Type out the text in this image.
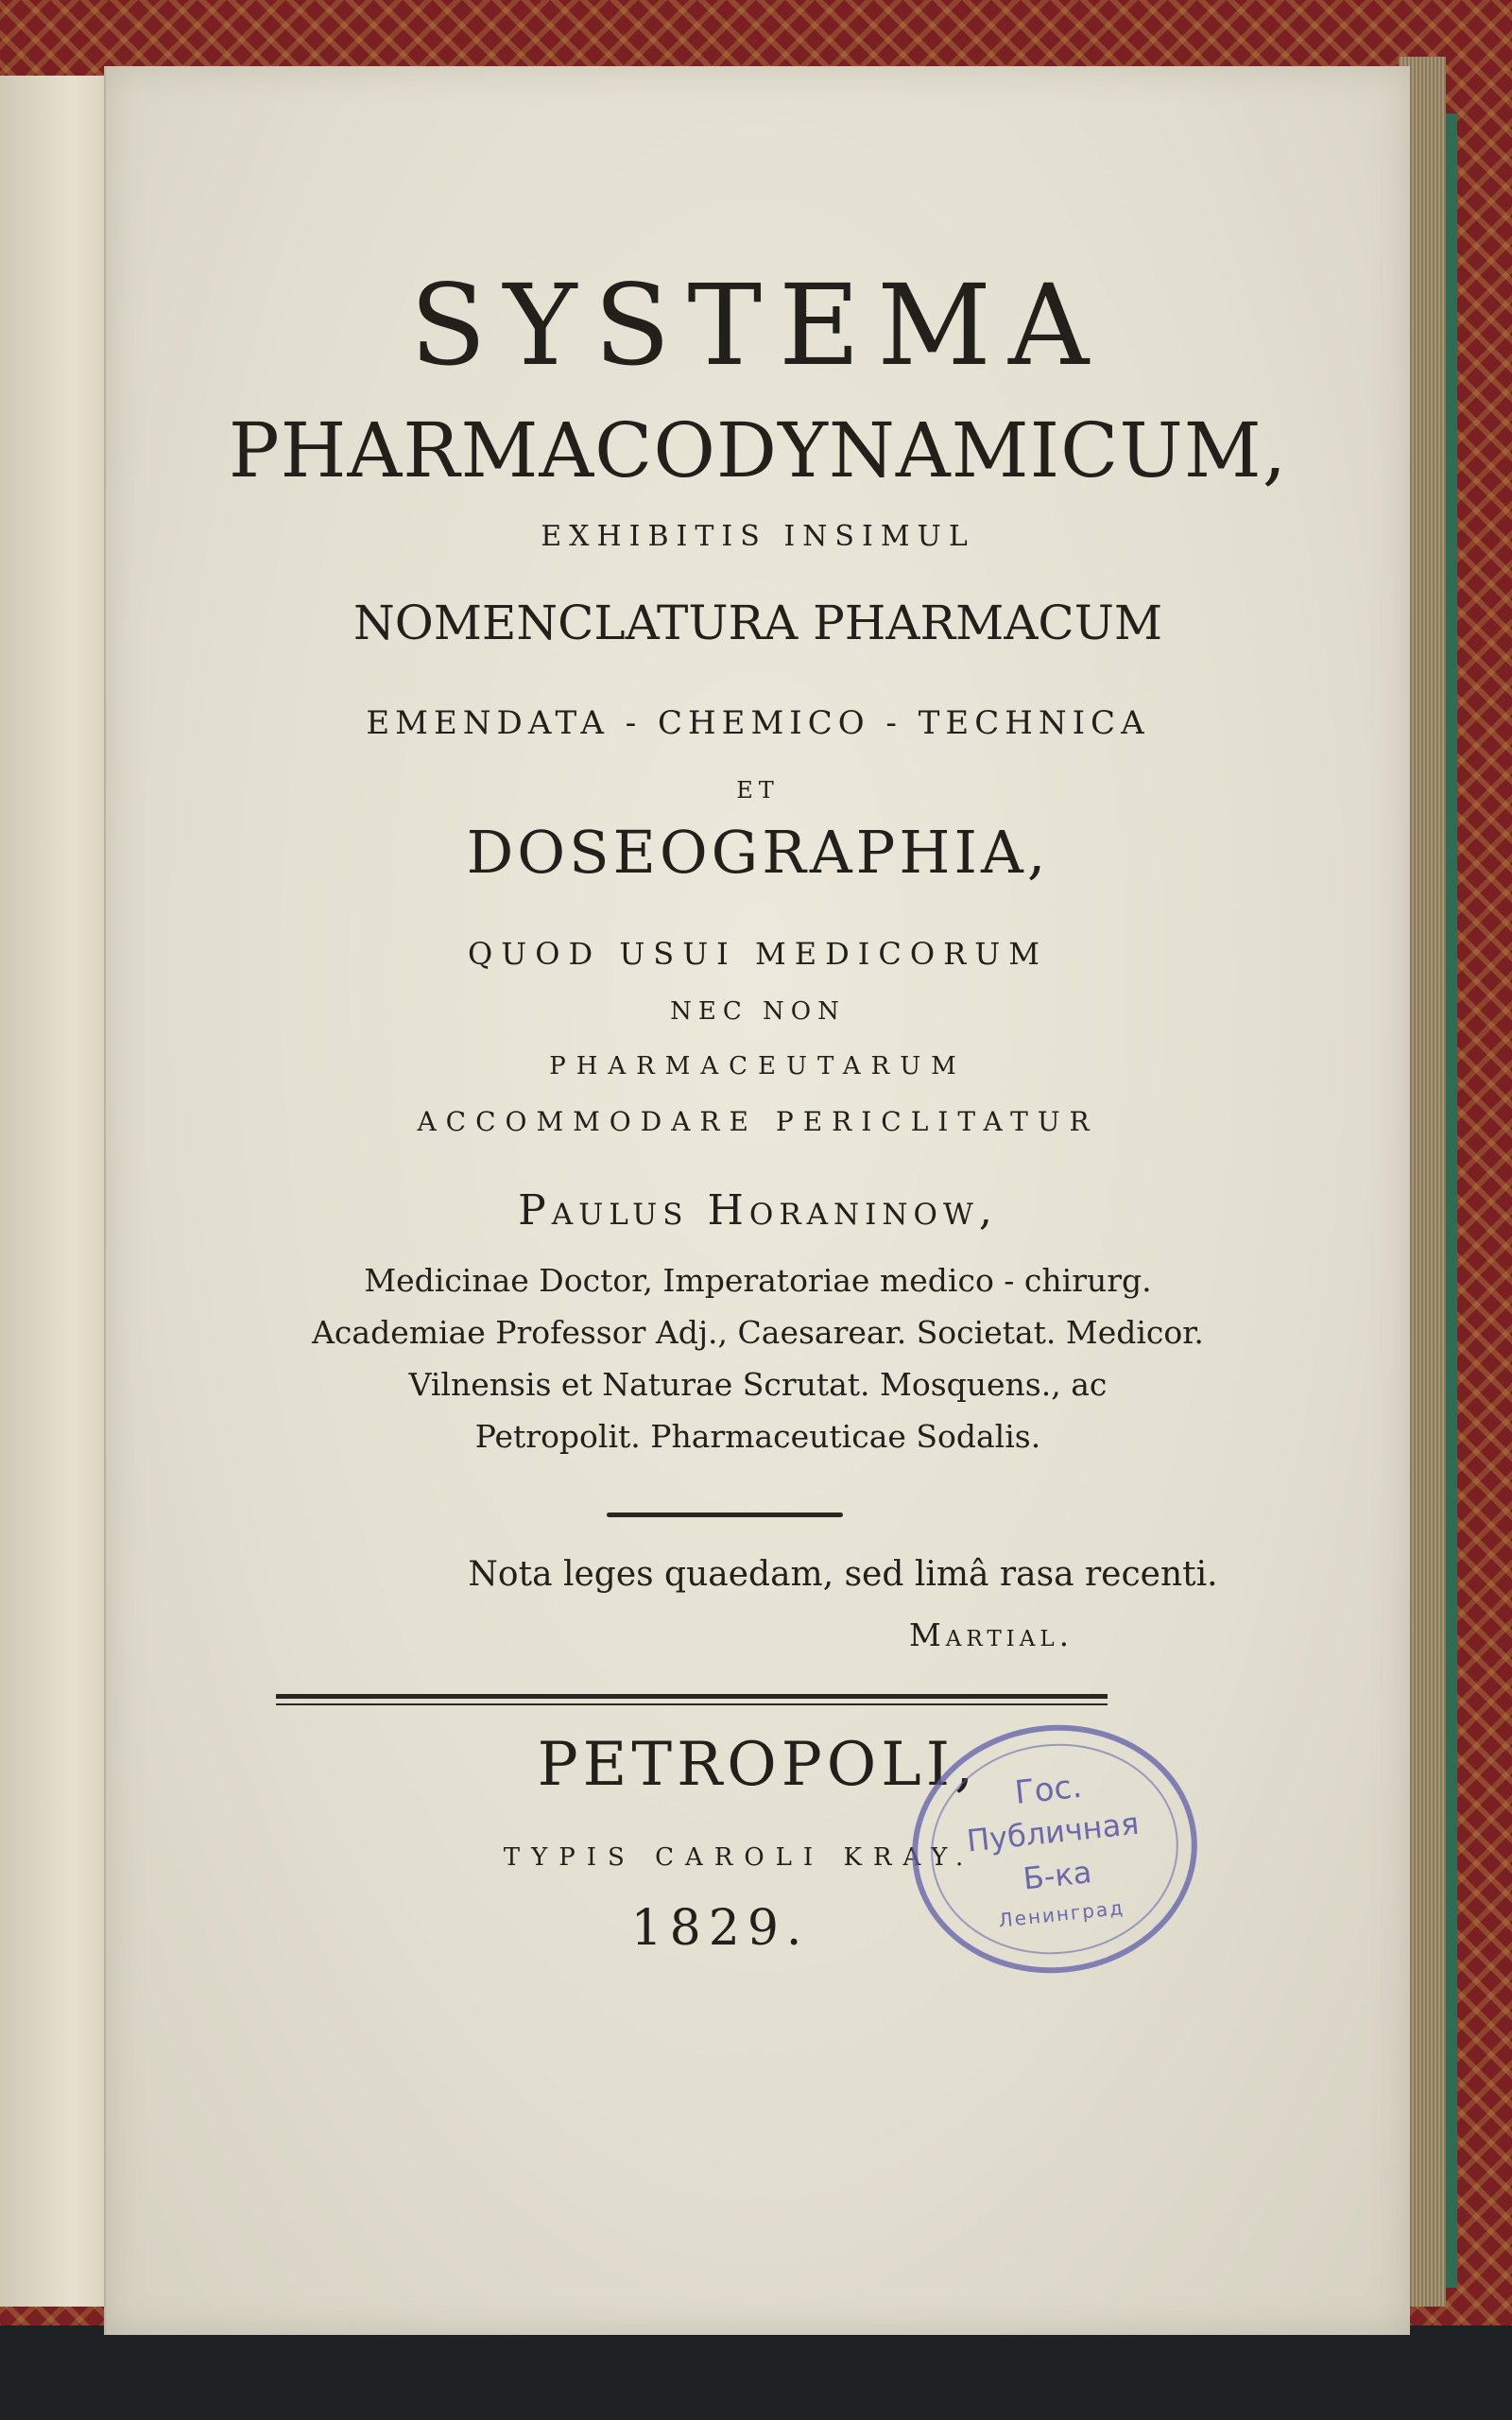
SYSTEMA
PHARMACODYNAMICUM,
EXHIBITIS INSIMUL
NOMENCLATURA PHARMACUM
EMENDATA - CHEMICO - TECHNICA
ET
DOSEOGRAPHIA,
QUOD USUI MEDICORUM
NEC NON
PHARMACEUTARUM
ACCOMMODARE PERICLITATUR
Paulus Horaninow,
Medicinae Doctor, Imperatoriae medico - chirurg.
Academiae Professor Adj., Caesarear. Societat. Medicor.
Vilnensis et Naturae Scrutat. Mosquens., ac
Petropolit. Pharmaceuticae Sodalis.
Nota leges quaedam, sed limâ rasa recenti.
Martial.
PETROPOLI,
TYPIS CAROLI KRAY.
1829.
Гос.
Публичная
Б-ка
Ленинград
